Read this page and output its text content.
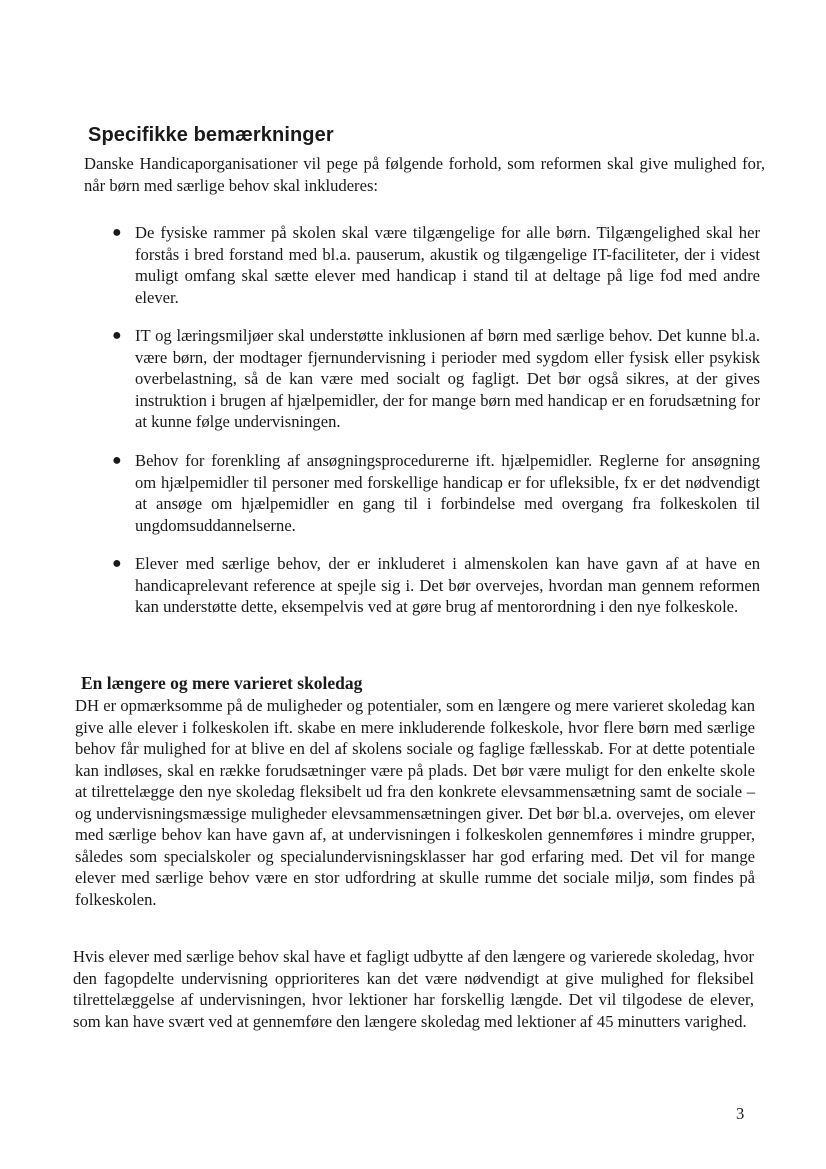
Specifikke bemærkninger

Danske Handicaporganisationer vil pege på følgende forhold, som reformen skal give mulighed for, når børn med særlige behov skal inkluderes:

● De fysiske rammer på skolen skal være tilgængelige for alle børn. Tilgængelighed skal her forstås i bred forstand med bl.a. pauserum, akustik og tilgængelige IT-faciliteter, der i videst muligt omfang skal sætte elever med handicap i stand til at deltage på lige fod med andre elever.

● IT og læringsmiljøer skal understøtte inklusionen af børn med særlige behov. Det kunne bl.a. være børn, der modtager fjernundervisning i perioder med sygdom eller fysisk eller psykisk overbelastning, så de kan være med socialt og fagligt. Det bør også sikres, at der gives instruktion i brugen af hjælpemidler, der for mange børn med handicap er en forudsætning for at kunne følge undervisningen.

● Behov for forenkling af ansøgningsprocedurerne ift. hjælpemidler. Reglerne for ansøgning om hjælpemidler til personer med forskellige handicap er for ufleksible, fx er det nødvendigt at ansøge om hjælpemidler en gang til i forbindelse med overgang fra folkeskolen til ungdomsuddannelserne.

● Elever med særlige behov, der er inkluderet i almenskolen kan have gavn af at have en handicaprelevant reference at spejle sig i. Det bør overvejes, hvordan man gennem reformen kan understøtte dette, eksempelvis ved at gøre brug af mentorordning i den nye folkeskole.

En længere og mere varieret skoledag

DH er opmærksomme på de muligheder og potentialer, som en længere og mere varieret skoledag kan give alle elever i folkeskolen ift. skabe en mere inkluderende folkeskole, hvor flere børn med særlige behov får mulighed for at blive en del af skolens sociale og faglige fællesskab. For at dette potentiale kan indløses, skal en række forudsætninger være på plads. Det bør være muligt for den enkelte skole at tilrettelægge den nye skoledag fleksibelt ud fra den konkrete elevsammensætning samt de sociale – og undervisningsmæssige muligheder elevsammensætningen giver. Det bør bl.a. overvejes, om elever med særlige behov kan have gavn af, at undervisningen i folkeskolen gennemføres i mindre grupper, således som specialskoler og specialundervisningsklasser har god erfaring med. Det vil for mange elever med særlige behov være en stor udfordring at skulle rumme det sociale miljø, som findes på folkeskolen.

Hvis elever med særlige behov skal have et fagligt udbytte af den længere og varierede skoledag, hvor den fagopdelte undervisning opprioriteres kan det være nødvendigt at give mulighed for fleksibel tilrettelæggelse af undervisningen, hvor lektioner har forskellig længde. Det vil tilgodese de elever, som kan have svært ved at gennemføre den længere skoledag med lektioner af 45 minutters varighed.

3
